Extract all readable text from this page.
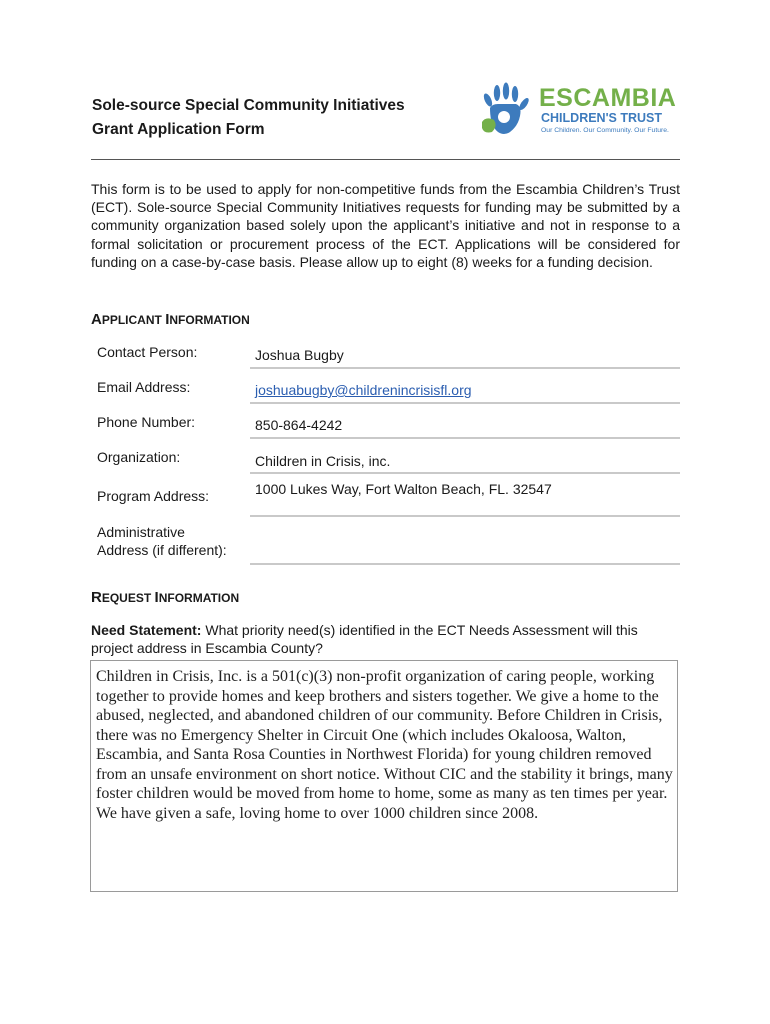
Sole-source Special Community Initiatives
Grant Application Form
ESCAMBIA
CHILDREN'S TRUST
Our Children. Our Community. Our Future.
This form is to be used to apply for non-competitive funds from the Escambia Children’s Trust (ECT). Sole-source Special Community Initiatives requests for funding may be submitted by a community organization based solely upon the applicant’s initiative and not in response to a formal solicitation or procurement process of the ECT. Applications will be considered for funding on a case-by-case basis. Please allow up to eight (8) weeks for a funding decision.
APPLICANT INFORMATION
Contact Person:	Joshua Bugby
Email Address:	joshuabugby@childrenincrisisfl.org
Phone Number:	850-864-4242
Organization:	Children in Crisis, inc.
Program Address:	1000 Lukes Way, Fort Walton Beach, FL. 32547
Administrative
Address (if different):
REQUEST INFORMATION
Need Statement: What priority need(s) identified in the ECT Needs Assessment will this project address in Escambia County?
Children in Crisis, Inc. is a 501(c)(3) non-profit organization of caring people, working together to provide homes and keep brothers and sisters together. We give a home to the abused, neglected, and abandoned children of our community. Before Children in Crisis, there was no Emergency Shelter in Circuit One (which includes Okaloosa, Walton, Escambia, and Santa Rosa Counties in Northwest Florida) for young children removed from an unsafe environment on short notice. Without CIC and the stability it brings, many foster children would be moved from home to home, some as many as ten times per year. We have given a safe, loving home to over 1000 children since 2008.
